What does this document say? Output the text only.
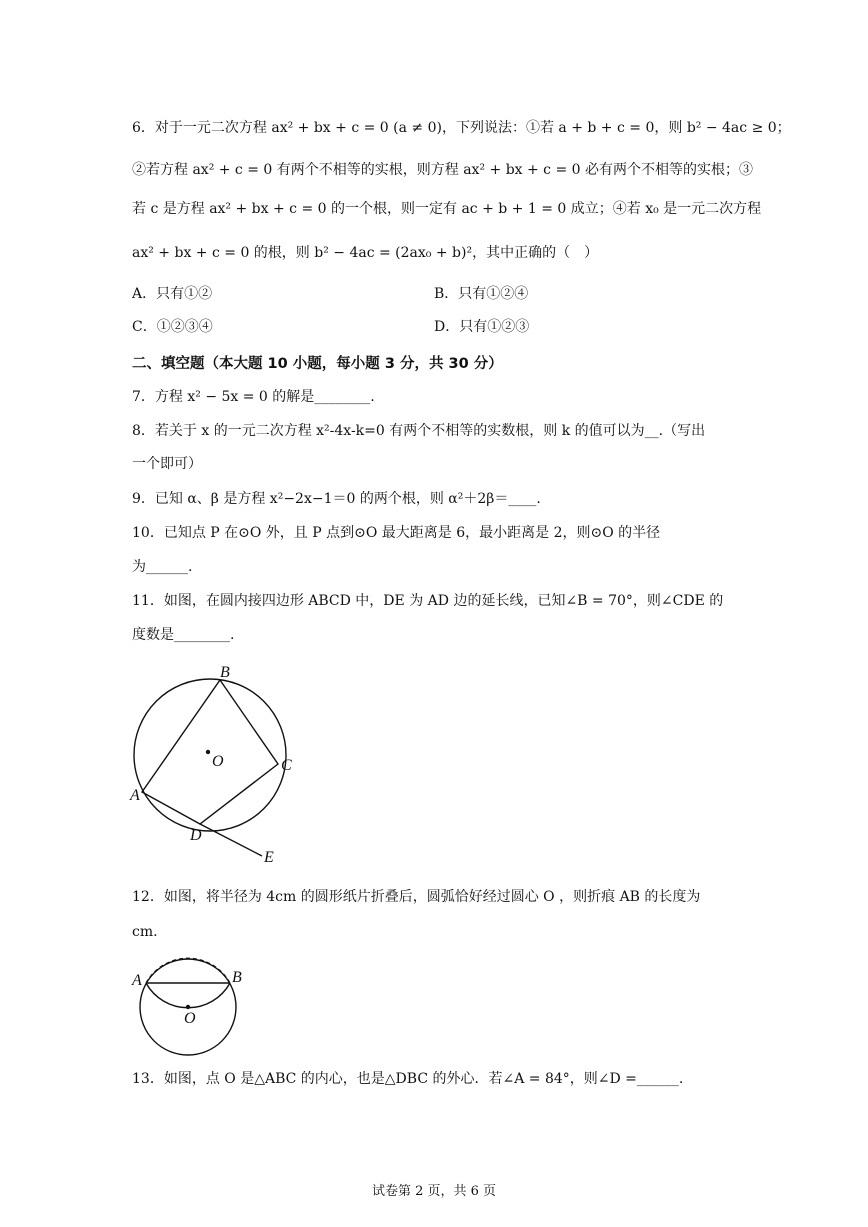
6．对于一元二次方程 ax² + bx + c = 0 (a ≠ 0)，下列说法：①若 a + b + c = 0，则 b² − 4ac ≥ 0；
②若方程 ax² + c = 0 有两个不相等的实根，则方程 ax² + bx + c = 0 必有两个不相等的实根；③
若 c 是方程 ax² + bx + c = 0 的一个根，则一定有 ac + b + 1 = 0 成立；④若 x₀ 是一元二次方程
ax² + bx + c = 0 的根，则 b² − 4ac = (2ax₀ + b)²，其中正确的（　）
A．只有①②	B．只有①②④
C．①②③④	D．只有①②③
二、填空题（本大题 10 小题，每小题 3 分，共 30 分）
7．方程 x² − 5x = 0 的解是________.
8．若关于 x 的一元二次方程 x²-4x-k=0 有两个不相等的实数根，则 k 的值可以为__.（写出
一个即可）
9．已知 α、β 是方程 x²−2x−1＝0 的两个根，则 α²＋2β＝____.
10．已知点 P 在⊙O 外，且 P 点到⊙O 最大距离是 6，最小距离是 2，则⊙O 的半径
为______.
11．如图，在圆内接四边形 ABCD 中，DE 为 AD 边的延长线，已知∠B = 70°，则∠CDE 的
度数是________.
B
C
A
D
E
O
12．如图，将半径为 4cm 的圆形纸片折叠后，圆弧恰好经过圆心 O ，则折痕 AB 的长度为
cm.
A	B
O
13．如图，点 O 是△ABC 的内心，也是△DBC 的外心．若∠A = 84°，则∠D =______.
试卷第 2 页，共 6 页
